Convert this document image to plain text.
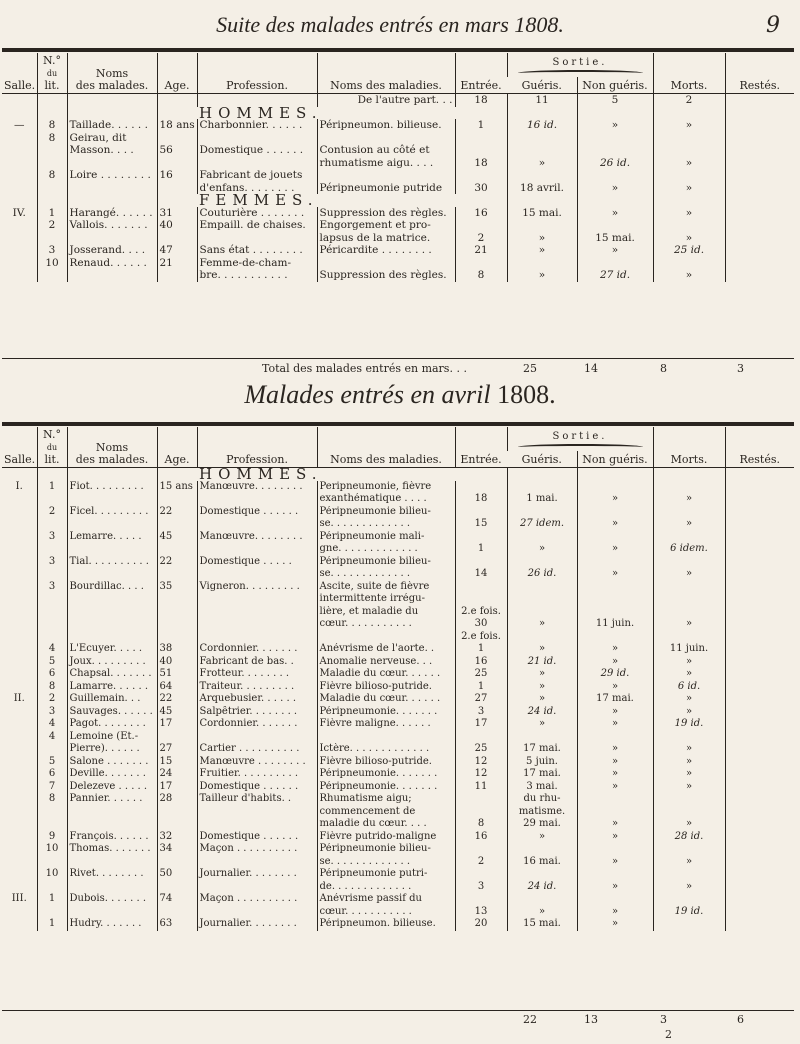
Suite des malades entrés en mars 1808.	9
Salle.	N.°
du
lit.	Noms
des malades.	Age.	Profession.	Noms des maladies.	Entrée.	Sortie.		Morts.	Restés.
							Guéris.	Non guéris.		
					De l'autre part. . .	18	11	5	2	
				HOMMES.						
—	8	Taillade. . . . . .	18 ans	Charbonnier. . . . . .	Péripneumon. bilieuse.	1	16 id.	»	»	
	8	Geirau, dit								
		Masson. . . .	56	Domestique . . . . . .	Contusion au côté et					
					rhumatisme aigu. . . .	18	»	26 id.	»	
	8	Loire . . . . . . . .	16	Fabricant de jouets						
				d'enfans. . . . . . . .	Péripneumonie putride	30	18 avril.	»	»	
				FEMMES.						
IV.	1	Harangé. . . . . .	31	Couturière . . . . . . .	Suppression des règles.	16	15 mai.	»	»	
	2	Vallois. . . . . . .	40	Empaill. de chaises.	Engorgement et pro-					
					lapsus de la matrice.	2	»	15 mai.	»	
	3	Josserand. . . .	47	Sans état . . . . . . . .	Péricardite . . . . . . . .	21	»	»	25 id.	
	10	Renaud. . . . . .	21	Femme-de-cham-						
				bre. . . . . . . . . . .	Suppression des règles.	8	»	27 id.	»	
Total des malades entrés en mars. . .	25	14	8	3
Malades entrés en avril 1808.
Salle.	N.°
du
lit.	Noms
des malades.	Age.	Profession.	Noms des maladies.	Entrée.	Sortie.		Morts.	Restés.
							Guéris.	Non guéris.		
				HOMMES.						
I.	1	Fiot. . . . . . . . .	15 ans	Manœuvre. . . . . . . .	Peripneumonie, fièvre					
					exanthématique . . . .	18	1 mai.	»	»	
	2	Ficel. . . . . . . . .	22	Domestique . . . . . .	Péripneumonie bilieu-					
					se. . . . . . . . . . . . .	15	27 idem.	»	»	
	3	Lemarre. . . . .	45	Manœuvre. . . . . . . .	Péripneumonie mali-					
					gne. . . . . . . . . . . . .	1	»	»	6 idem.	
	3	Tial. . . . . . . . . .	22	Domestique . . . . .	Péripneumonie bilieu-					
					se. . . . . . . . . . . . .	14	26 id.	»	»	
	3	Bourdillac. . . .	35	Vigneron. . . . . . . . .	Ascite, suite de fièvre					
					intermittente irrégu-					
					lière, et maladie du	2.e fois.				
					cœur. . . . . . . . . . .	30	»	11 juin.	»	
						2.e fois.				
	4	L'Ecuyer. . . . .	38	Cordonnier. . . . . . .	Anévrisme de l'aorte. .	1	»	»	11 juin.	
	5	Joux. . . . . . . . .	40	Fabricant de bas. .	Anomalie nerveuse. . .	16	21 id.	»	»	
	6	Chapsal. . . . . . .	51	Frotteur. . . . . . . .	Maladie du cœur. . . . . .	25	»	29 id.	»	
	8	Lamarre. . . . . .	64	Traiteur. . . . . . . . .	Fièvre bilioso-putride.	1	»	»	6 id.	
II.	2	Guillemain. . .	22	Arquebusier. . . . . .	Maladie du cœur. . . . . .	27	»	17 mai.	»	
	3	Sauvages. . . . . .	45	Salpêtrier. . . . . . . .	Péripneumonie. . . . . . .	3	24 id.	»	»	
	4	Pagot. . . . . . . .	17	Cordonnier. . . . . . .	Fièvre maligne. . . . . .	17	»	»	19 id.	
	4	Lemoine (Et.-								
		Pierre). . . . . .	27	Cartier . . . . . . . . . .	Ictère. . . . . . . . . . . . .	25	17 mai.	»	»	
	5	Salone . . . . . . .	15	Manœuvre . . . . . . . .	Fièvre bilioso-putride.	12	5 juin.	»	»	
	6	Deville. . . . . . .	24	Fruitier. . . . . . . . . .	Péripneumonie. . . . . . .	12	17 mai.	»	»	
	7	Delezeve . . . . .	17	Domestique . . . . . .	Péripneumonie. . . . . . .	11	3 mai.	»	»	
	8	Pannier. . . . . .	28	Tailleur d'habits. .	Rhumatisme aigu;		du rhu-			
					commencement de		matisme.			
					maladie du cœur. . . .	8	29 mai.	»	»	
	9	François. . . . . .	32	Domestique . . . . . .	Fièvre putrido-maligne	16	»	»	28 id.	
	10	Thomas. . . . . . .	34	Maçon . . . . . . . . . .	Péripneumonie bilieu-					
					se. . . . . . . . . . . . .	2	16 mai.	»	»	
	10	Rivet. . . . . . . .	50	Journalier. . . . . . . .	Péripneumonie putri-					
					de. . . . . . . . . . . . .	3	24 id.	»	»	
III.	1	Dubois. . . . . . .	74	Maçon . . . . . . . . . .	Anévrisme passif du					
					cœur. . . . . . . . . . .	13	»	»	19 id.	
	1	Hudry. . . . . . .	63	Journalier. . . . . . . .	Péripneumon. bilieuse.	20	15 mai.	»		
22	13	3	6
2
